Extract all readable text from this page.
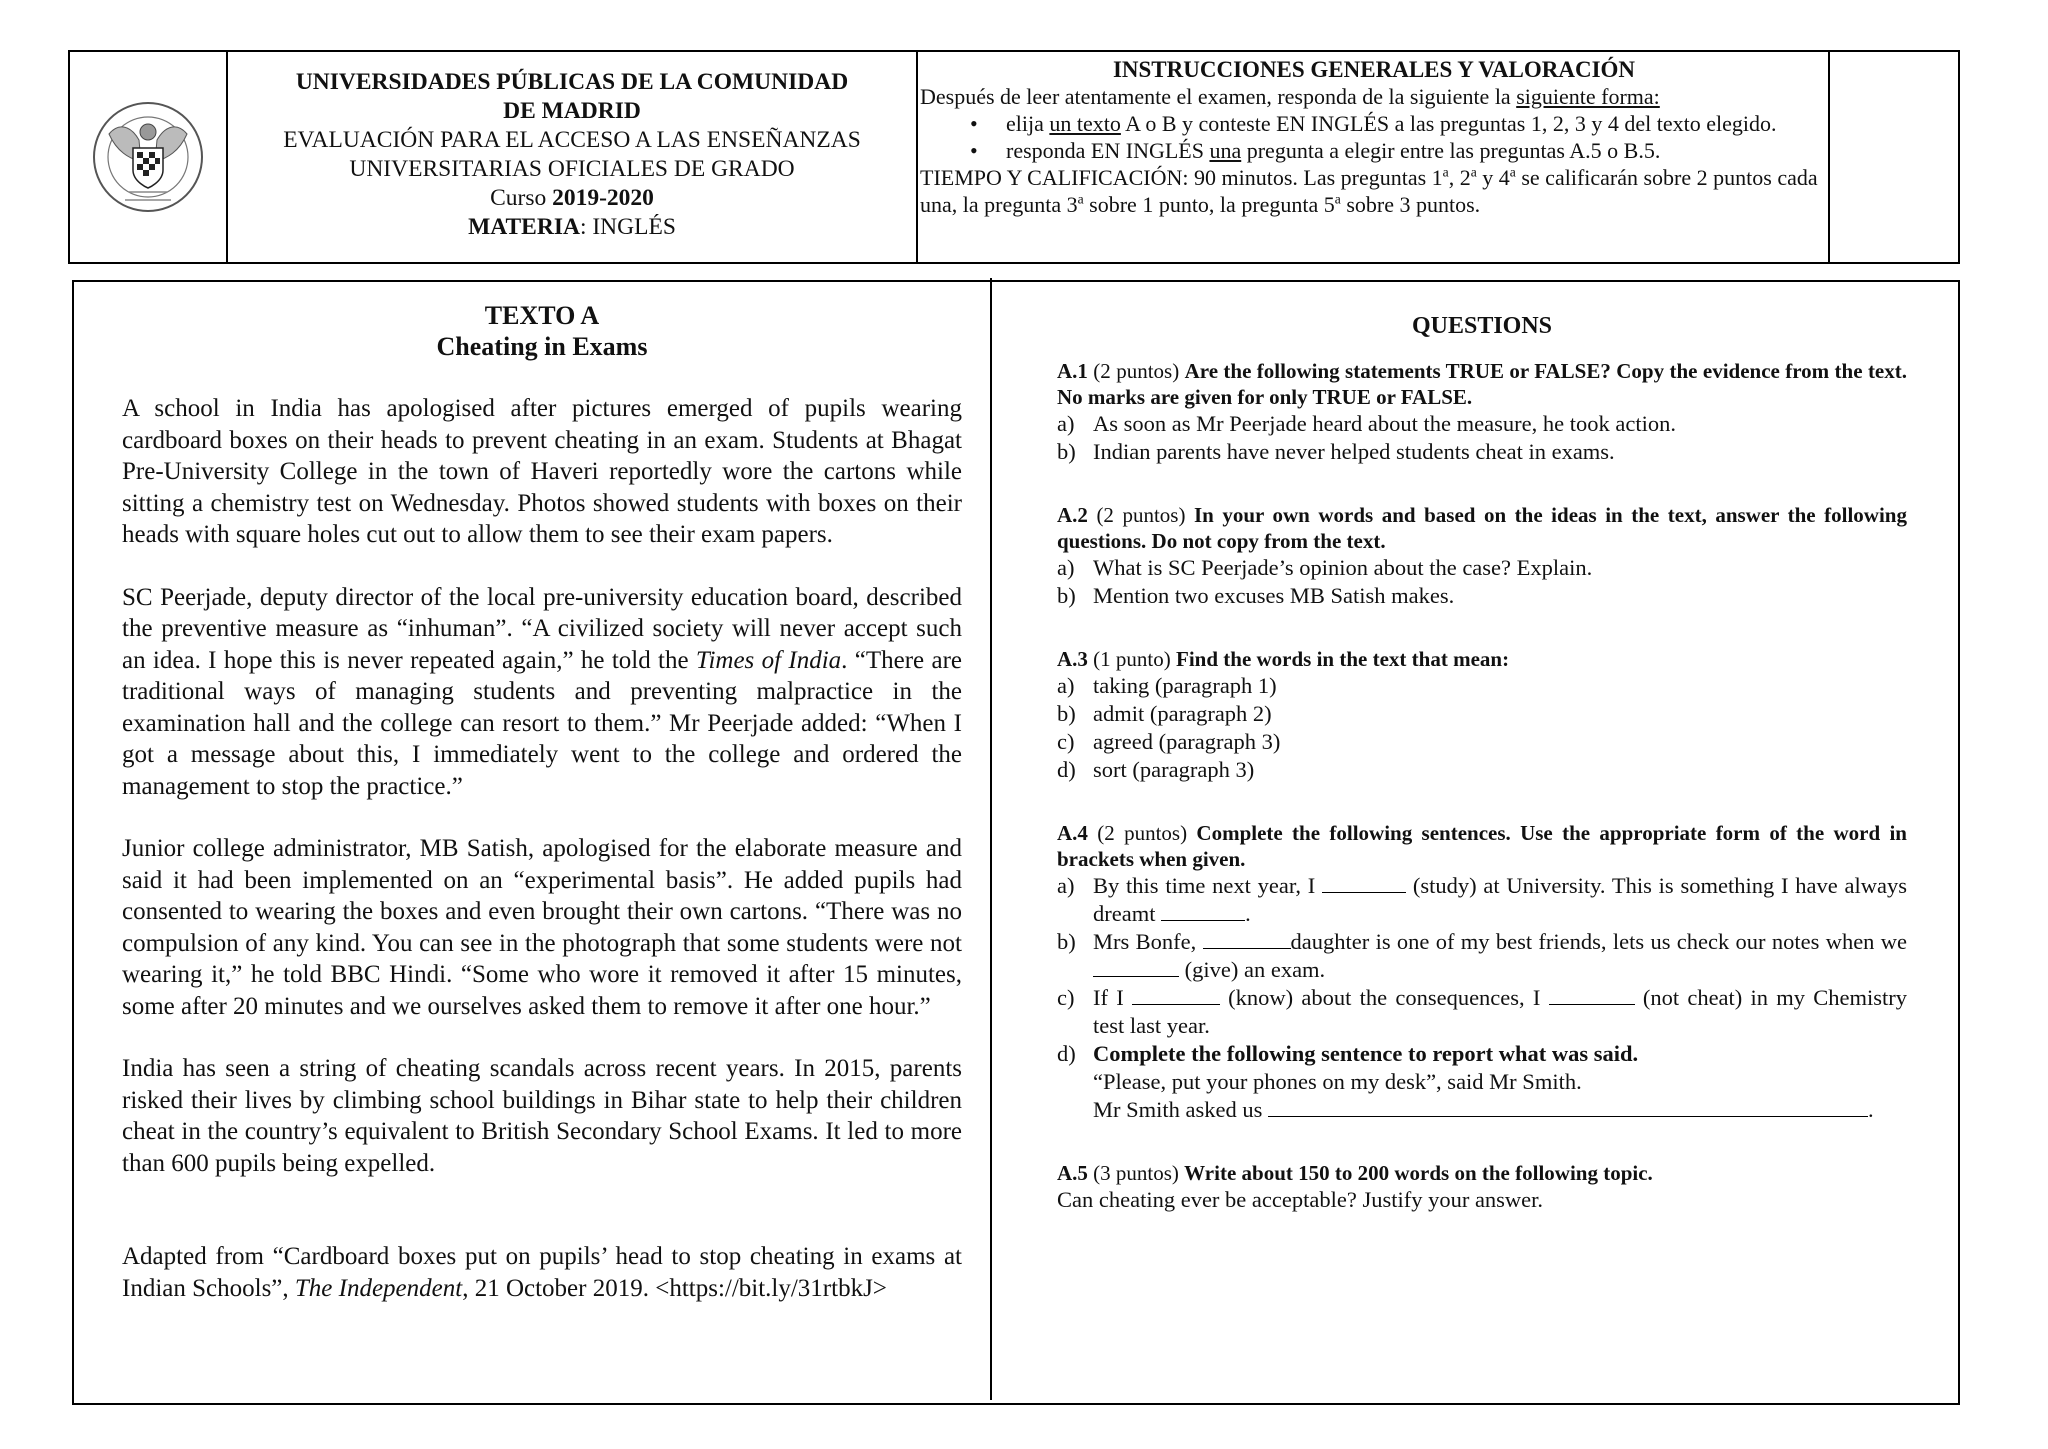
UNIVERSIDADES PÚBLICAS DE LA COMUNIDAD
DE MADRID
EVALUACIÓN PARA EL ACCESO A LAS ENSEÑANZAS
UNIVERSITARIAS OFICIALES DE GRADO
Curso 2019-2020
MATERIA: INGLÉS
INSTRUCCIONES GENERALES Y VALORACIÓN
Después de leer atentamente el examen, responda de la siguiente la siguiente forma:
• elija un texto A o B y conteste EN INGLÉS a las preguntas 1, 2, 3 y 4 del texto elegido.
• responda EN INGLÉS una pregunta a elegir entre las preguntas A.5 o B.5.
TIEMPO Y CALIFICACIÓN: 90 minutos. Las preguntas 1$^a$, 2$^a$ y 4$^a$ se calificarán sobre 2 puntos cada una, la pregunta 3$^a$ sobre 1 punto, la pregunta 5$^a$ sobre 3 puntos.
TEXTO A
Cheating in Exams

A school in India has apologised after pictures emerged of pupils wearing cardboard boxes on their heads to prevent cheating in an exam. Students at Bhagat Pre-University College in the town of Haveri reportedly wore the cartons while sitting a chemistry test on Wednesday. Photos showed students with boxes on their heads with square holes cut out to allow them to see their exam papers.

SC Peerjade, deputy director of the local pre-university education board, described the preventive measure as “inhuman”. “A civilized society will never accept such an idea. I hope this is never repeated again,” he told the Times of India. “There are traditional ways of managing students and preventing malpractice in the examination hall and the college can resort to them.” Mr Peerjade added: “When I got a message about this, I immediately went to the college and ordered the management to stop the practice.”

Junior college administrator, MB Satish, apologised for the elaborate measure and said it had been implemented on an “experimental basis”. He added pupils had consented to wearing the boxes and even brought their own cartons. “There was no compulsion of any kind. You can see in the photograph that some students were not wearing it,” he told BBC Hindi. “Some who wore it removed it after 15 minutes, some after 20 minutes and we ourselves asked them to remove it after one hour.”

India has seen a string of cheating scandals across recent years. In 2015, parents risked their lives by climbing school buildings in Bihar state to help their children cheat in the country’s equivalent to British Secondary School Exams. It led to more than 600 pupils being expelled.

Adapted from “Cardboard boxes put on pupils’ head to stop cheating in exams at Indian Schools”, The Independent, 21 October 2019. <https://bit.ly/31rtbkJ>

QUESTIONS
A.1 (2 puntos) Are the following statements TRUE or FALSE? Copy the evidence from the text. No marks are given for only TRUE or FALSE.
a) As soon as Mr Peerjade heard about the measure, he took action.
b) Indian parents have never helped students cheat in exams.
A.2 (2 puntos) In your own words and based on the ideas in the text, answer the following questions. Do not copy from the text.
a) What is SC Peerjade’s opinion about the case? Explain.
b) Mention two excuses MB Satish makes.
A.3 (1 punto) Find the words in the text that mean:
a) taking (paragraph 1)
b) admit (paragraph 2)
c) agreed (paragraph 3)
d) sort (paragraph 3)
A.4 (2 puntos) Complete the following sentences. Use the appropriate form of the word in brackets when given.
a) By this time next year, I	(study) at University. This is something I have always dreamt	.
b) Mrs Bonfe,	daughter is one of my best friends, lets us check our notes when we  (give) an exam.
c) If I	(know) about the consequences, I	(not cheat) in my Chemistry test last year.
d) Complete the following sentence to report what was said.
“Please, put your phones on my desk”, said Mr Smith.
Mr Smith asked us	.
A.5 (3 puntos) Write about 150 to 200 words on the following topic.
Can cheating ever be acceptable? Justify your answer.
